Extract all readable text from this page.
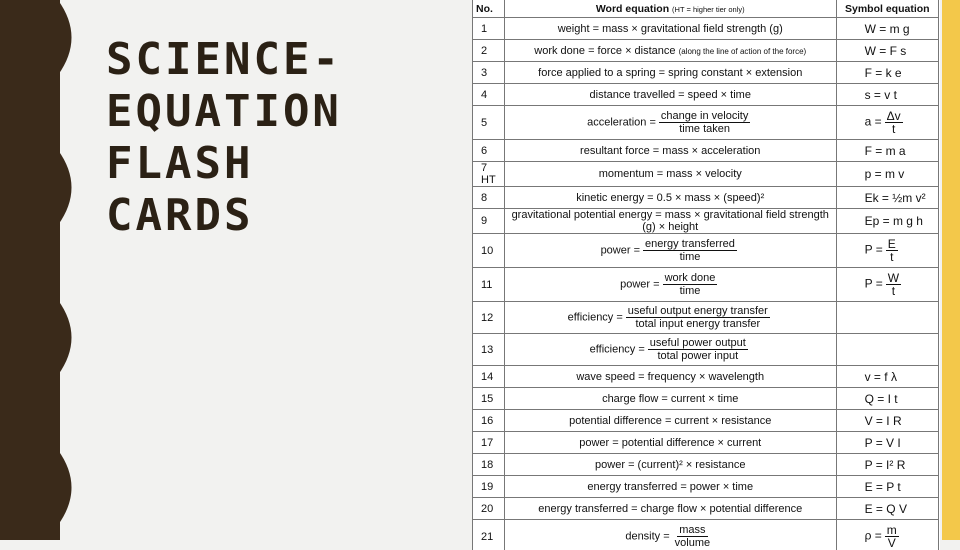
SCIENCE- EQUATION FLASH CARDS
No.	Word equation (HT = higher tier only)	Symbol equation
1	weight = mass × gravitational field strength (g)	W = m g
2	work done = force × distance (along the line of action of the force)	W = F s
3	force applied to a spring = spring constant × extension	F = k e
4	distance travelled = speed × time	s = v t
5	acceleration = $\frac{\text{change in velocity}}{\text{time taken}}$	$a = \frac{\Delta v}{t}$

6	resultant force = mass × acceleration	F = m a
7 HT	momentum = mass × velocity	p = m v
8	kinetic energy = 0.5 × mass × (speed)²	Ek = ½m v²
9	gravitational potential energy = mass × gravitational field strength (g) × height	Ep = m g h
10	power = $\frac{\text{energy transferred}}{\text{time}}$	$P = \frac{E}{t}$

11	power = $\frac{\text{work done}}{\text{time}}$	$P = \frac{W}{t}$

12	efficiency = $\frac{\text{useful output energy transfer}}{\text{total input energy transfer}}$

13	efficiency = $\frac{\text{useful power output}}{\text{total power input}}$

14	wave speed = frequency × wavelength	v = f λ
15	charge flow = current × time	Q = I t
16	potential difference = current × resistance	V = I R
17	power = potential difference × current	P = V I
18	power = (current)² × resistance	P = I² R
19	energy transferred = power × time	E = P t
20	energy transferred = charge flow × potential difference	E = Q V
21	density = $\frac{\text{mass}}{\text{volume}}$	$\rho = \frac{m}{V}$
